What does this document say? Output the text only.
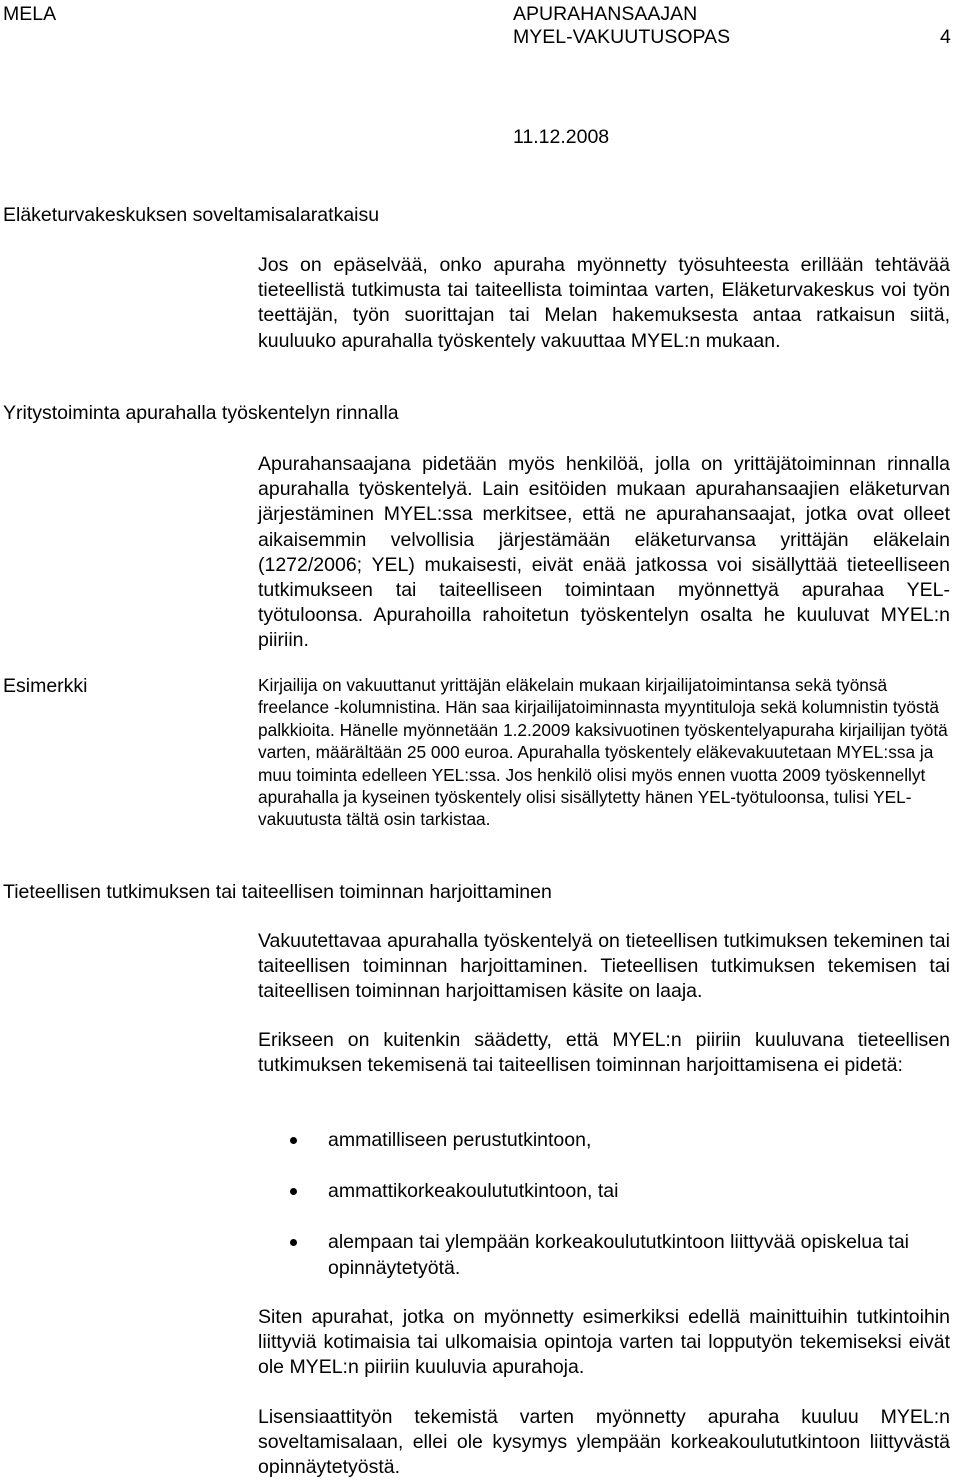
MELA	APURAHANSAAJAN
MYEL-VAKUUTUSOPAS	4
11.12.2008
Eläketurvakeskuksen soveltamisalaratkaisu
Jos on epäselvää, onko apuraha myönnetty työsuhteesta erillään tehtävää tieteellistä tutkimusta tai taiteellista toimintaa varten, Eläketurvakeskus voi työn teettäjän, työn suorittajan tai Melan hakemuksesta antaa ratkaisun siitä, kuuluuko apurahalla työskentely vakuuttaa MYEL:n mukaan.
Yritystoiminta apurahalla työskentelyn rinnalla
Apurahansaajana pidetään myös henkilöä, jolla on yrittäjätoiminnan rinnalla apurahalla työskentelyä. Lain esitöiden mukaan apurahansaajien eläketurvan järjestäminen MYEL:ssa merkitsee, että ne apurahansaajat, jotka ovat olleet aikaisemmin velvollisia järjestämään eläketurvansa yrittäjän eläkelain (1272/2006; YEL) mukaisesti, eivät enää jatkossa voi sisällyttää tieteelliseen tutkimukseen tai taiteelliseen toimintaan myönnettyä apurahaa YEL-työtuloonsa. Apurahoilla rahoitetun työskentelyn osalta he kuuluvat MYEL:n piiriin.
Esimerkki	Kirjailija on vakuuttanut yrittäjän eläkelain mukaan kirjailijatoimintansa sekä työnsä freelance -kolumnistina. Hän saa kirjailijatoiminnasta myyntituloja sekä kolumnistin työstä palkkioita. Hänelle myönnetään 1.2.2009 kaksivuotinen työskentelyapuraha kirjailijan työtä varten, määrältään 25 000 euroa. Apurahalla työskentely eläkevakuutetaan MYEL:ssa ja muu toiminta edelleen YEL:ssa. Jos henkilö olisi myös ennen vuotta 2009 työskennellyt apurahalla ja kyseinen työskentely olisi sisällytetty hänen YEL-työtuloonsa, tulisi YEL-vakuutusta tältä osin tarkistaa.
Tieteellisen tutkimuksen tai taiteellisen toiminnan harjoittaminen
Vakuutettavaa apurahalla työskentelyä on tieteellisen tutkimuksen tekeminen tai taiteellisen toiminnan harjoittaminen. Tieteellisen tutkimuksen tekemisen tai taiteellisen toiminnan harjoittamisen käsite on laaja.
Erikseen on kuitenkin säädetty, että MYEL:n piiriin kuuluvana tieteellisen tutkimuksen tekemisenä tai taiteellisen toiminnan harjoittamisena ei pidetä:
ammatilliseen perustutkintoon,
ammattikorkeakoulututkintoon, tai
alempaan tai ylempään korkeakoulututkintoon liittyvää opiskelua tai opinnäytetyötä.
Siten apurahat, jotka on myönnetty esimerkiksi edellä mainittuihin tutkintoihin liittyviä kotimaisia tai ulkomaisia opintoja varten tai lopputyön tekemiseksi eivät ole MYEL:n piiriin kuuluvia apurahoja.
Lisensiaattityön tekemistä varten myönnetty apuraha kuuluu MYEL:n soveltamisalaan, ellei ole kysymys ylempään korkeakoulututkintoon liittyvästä opinnäytetyöstä.
